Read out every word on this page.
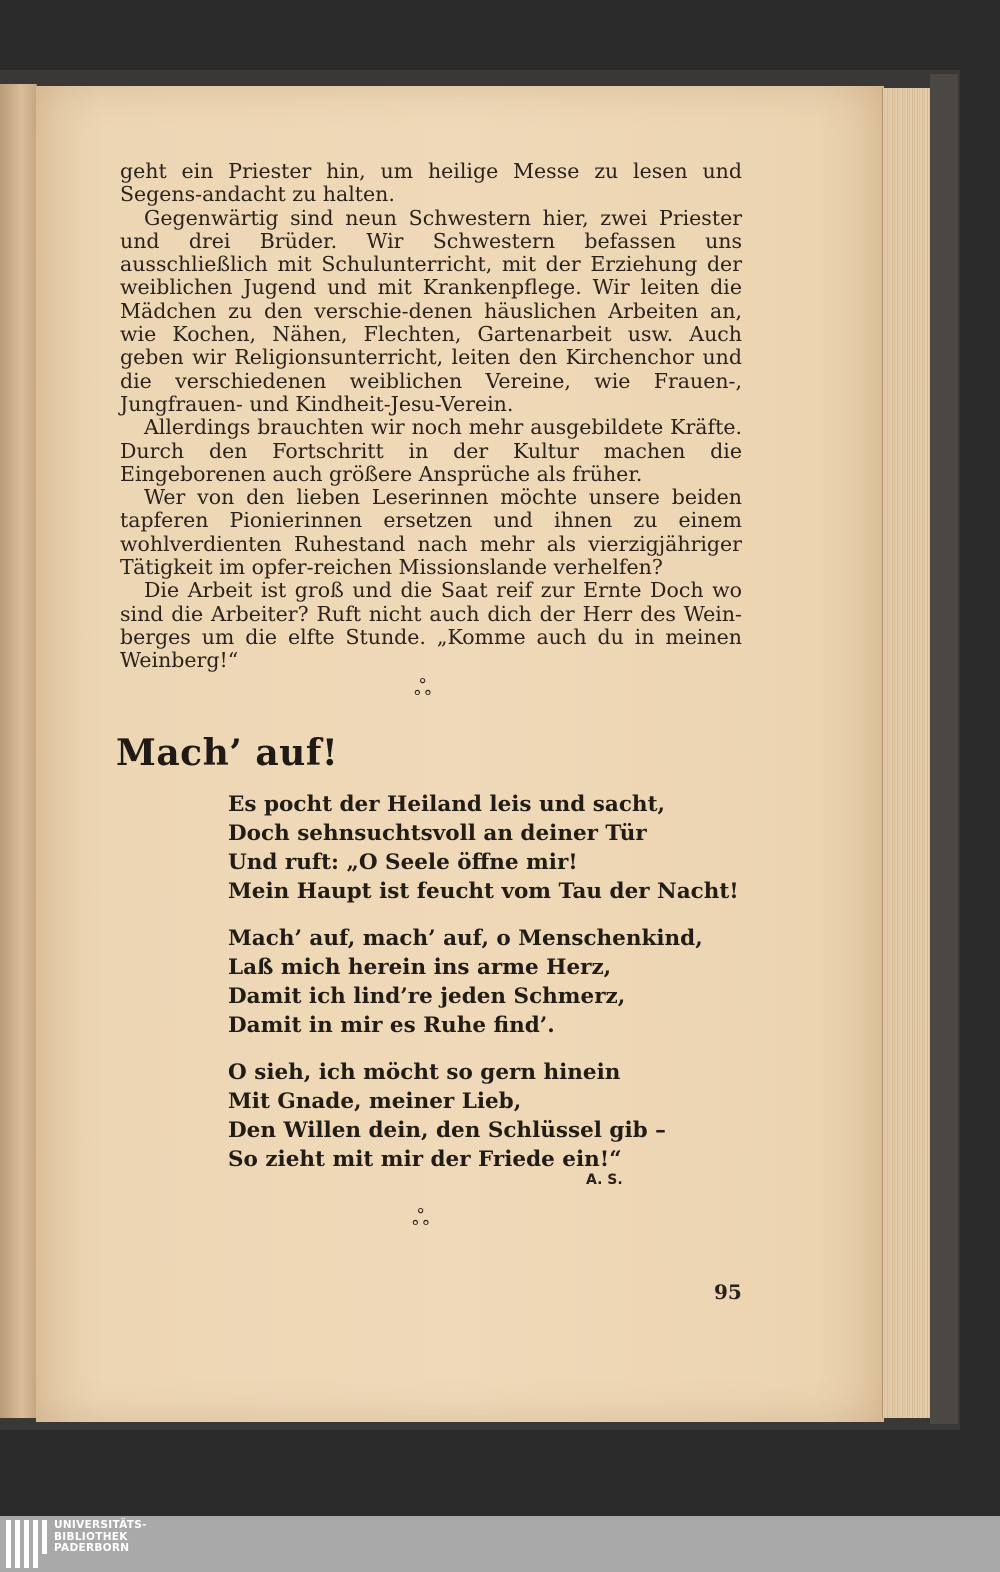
geht ein Priester hin, um heilige Messe zu lesen und Segens-andacht zu halten.

Gegenwärtig sind neun Schwestern hier, zwei Priester und drei Brüder. Wir Schwestern befassen uns ausschließlich mit Schulunterricht, mit der Erziehung der weiblichen Jugend und mit Krankenpflege. Wir leiten die Mädchen zu den verschie-denen häuslichen Arbeiten an, wie Kochen, Nähen, Flechten, Gartenarbeit usw. Auch geben wir Religionsunterricht, leiten den Kirchenchor und die verschiedenen weiblichen Vereine, wie Frauen-, Jungfrauen- und Kindheit-Jesu-Verein.

Allerdings brauchten wir noch mehr ausgebildete Kräfte. Durch den Fortschritt in der Kultur machen die Eingeborenen auch größere Ansprüche als früher.

Wer von den lieben Leserinnen möchte unsere beiden tapferen Pionierinnen ersetzen und ihnen zu einem wohlverdienten Ruhestand nach mehr als vierzigjähriger Tätigkeit im opfer-reichen Missionslande verhelfen?

Die Arbeit ist groß und die Saat reif zur Ernte Doch wo sind die Arbeiter? Ruft nicht auch dich der Herr des Wein-berges um die elfte Stunde. „Komme auch du in meinen Weinberg!“

ஃ
Mach’ auf!
Es pocht der Heiland leis und sacht,
Doch sehnsuchtsvoll an deiner Tür
Und ruft: „O Seele öffne mir!
Mein Haupt ist feucht vom Tau der Nacht!
Mach’ auf, mach’ auf, o Menschenkind,
Laß mich herein ins arme Herz,
Damit ich lind’re jeden Schmerz,
Damit in mir es Ruhe find’.
O sieh, ich möcht so gern hinein
Mit Gnade, meiner Lieb,
Den Willen dein, den Schlüssel gib –
So zieht mit mir der Friede ein!“
A. S.
ஃ
95
UNIVERSITÄTS-
BIBLIOTHEK
PADERBORN
